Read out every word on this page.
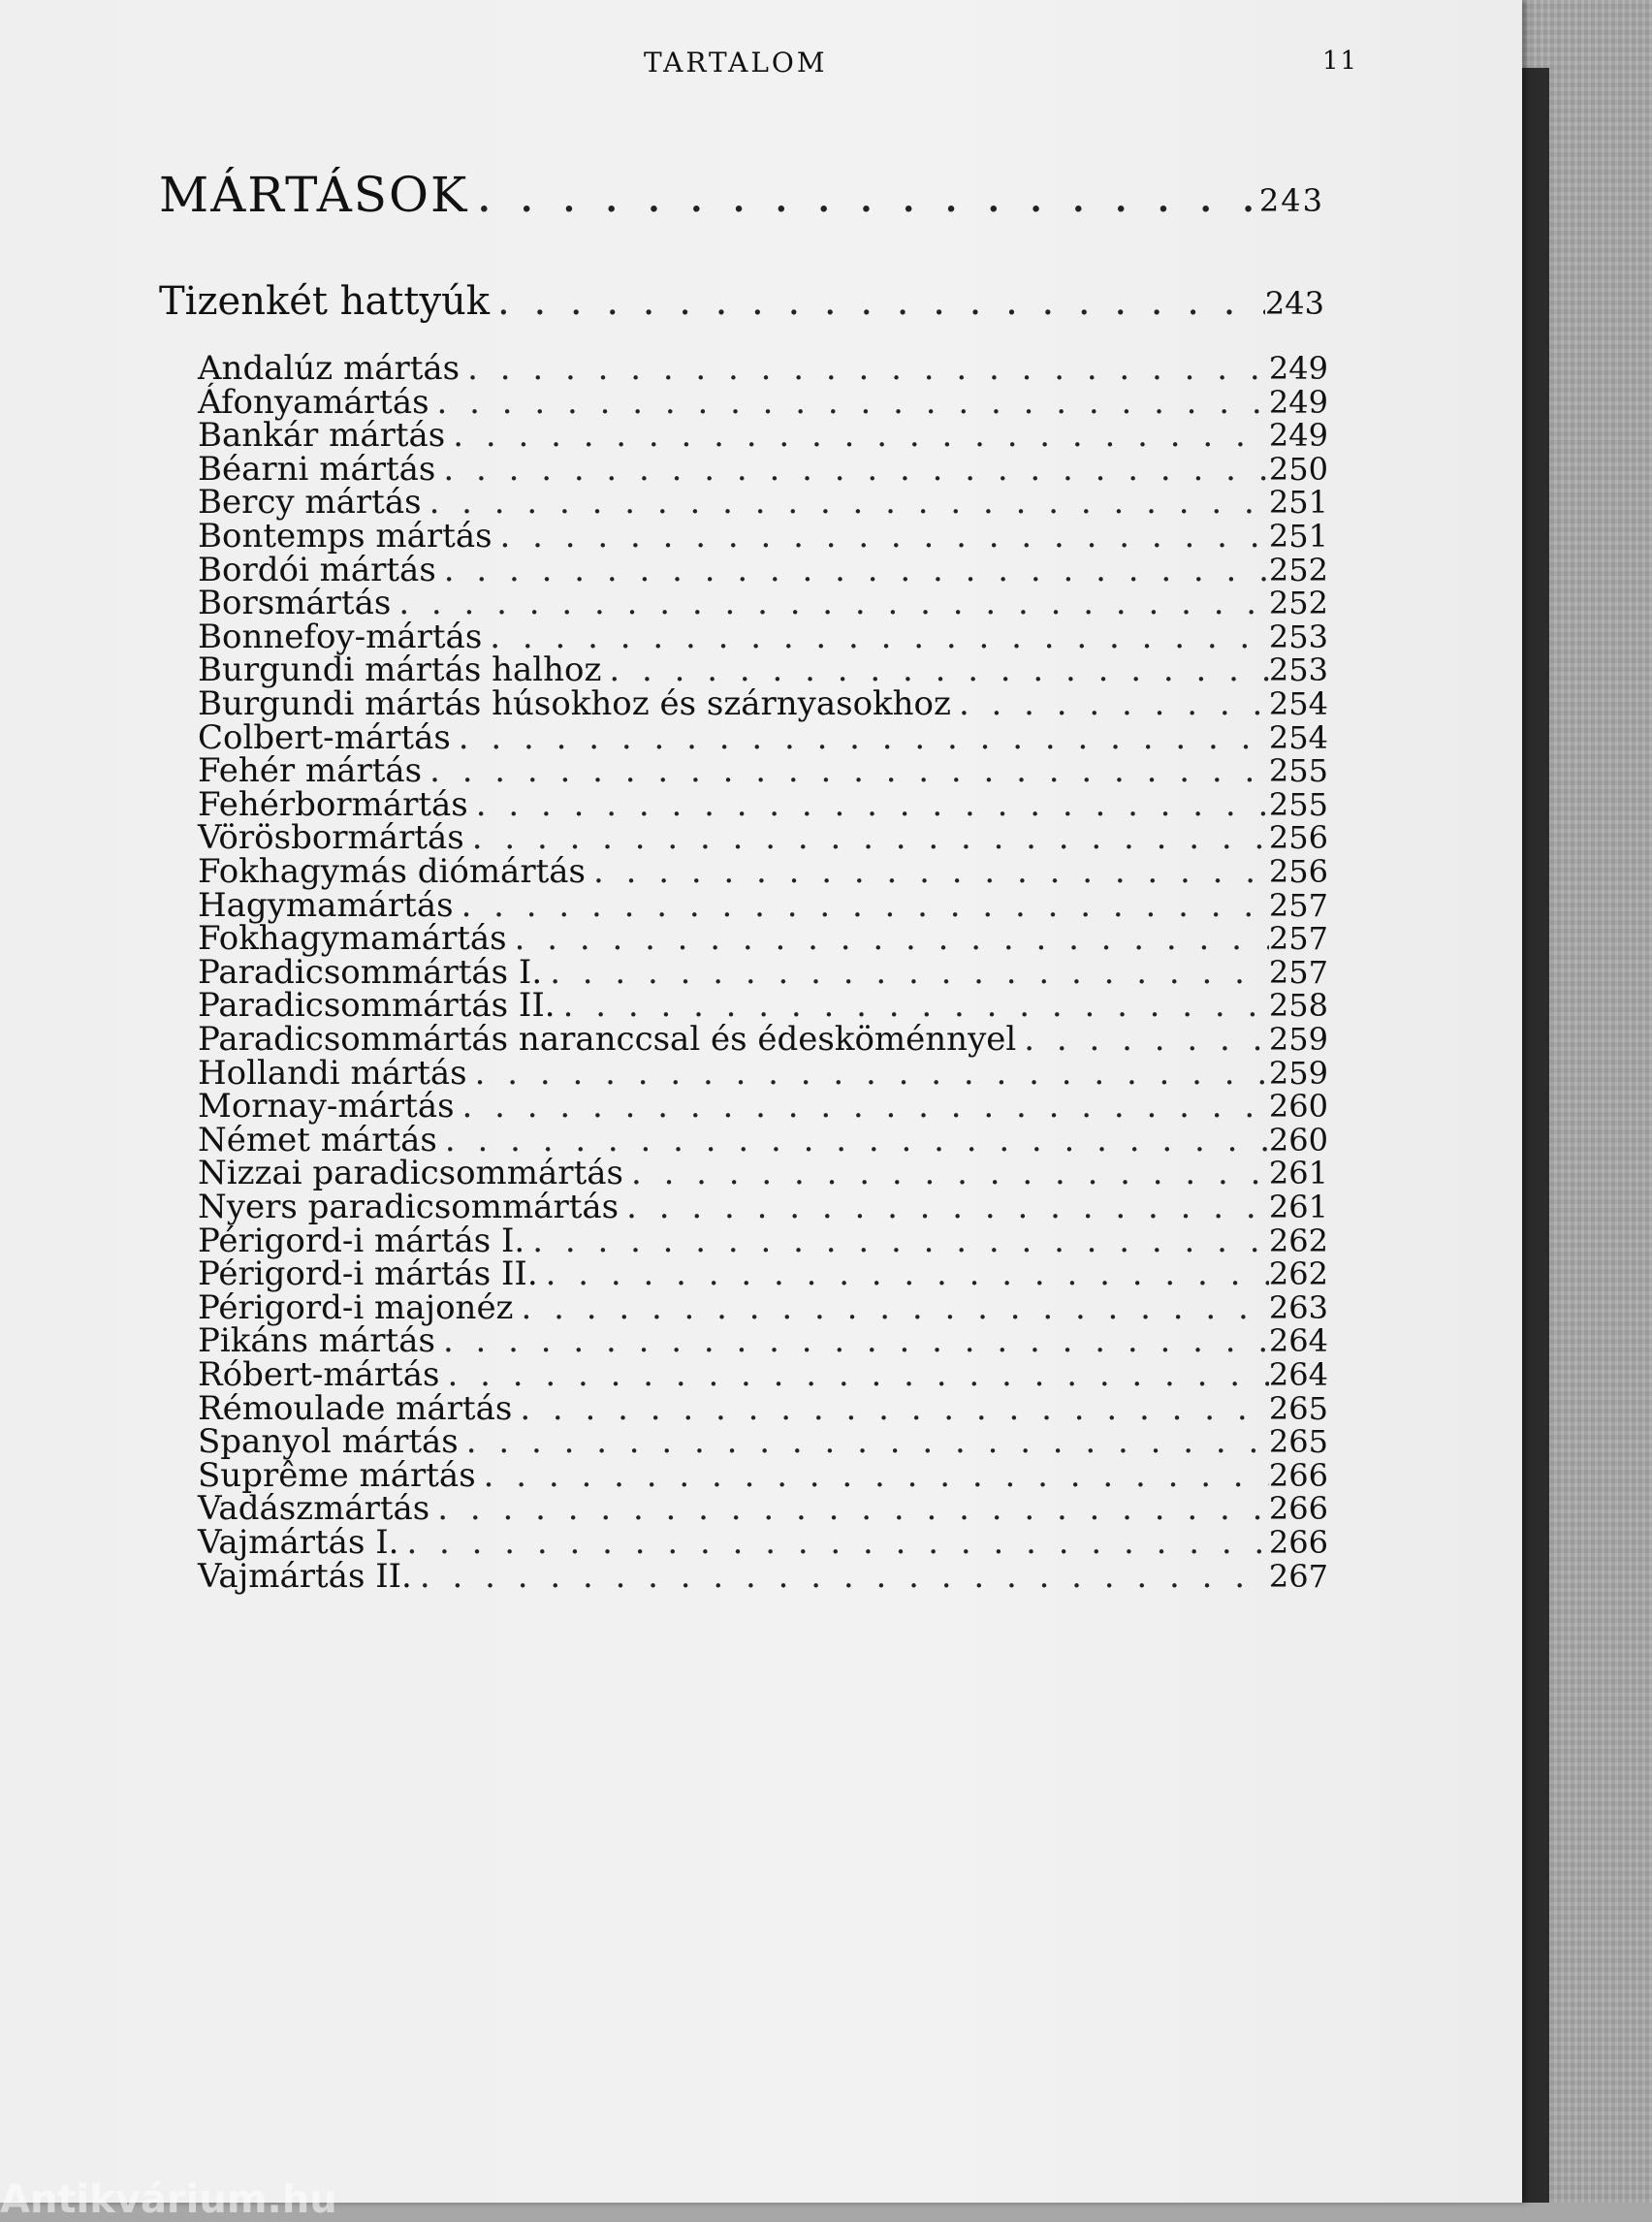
TARTALOM	11
MÁRTÁSOK . . .	243
Tizenkét hattyúk . . .	243
Andalúz mártás . . .	249
Áfonyamártás . . .	249
Bankár mártás . . .	249
Béarni mártás . . .	250
Bercy mártás . . .	251
Bontemps mártás . . .	251
Bordói mártás . . .	252
Borsmártás . . .	252
Bonnefoy-mártás . . .	253
Burgundi mártás halhoz . . .	253
Burgundi mártás húsokhoz és szárnyasokhoz . . .	254
Colbert-mártás . . .	254
Fehér mártás . . .	255
Fehérbormártás . . .	255
Vörösbormártás . . .	256
Fokhagymás diómártás . . .	256
Hagymamártás . . .	257
Fokhagymamártás . . .	257
Paradicsommártás I. . . .	257
Paradicsommártás II. . . .	258
Paradicsommártás naranccsal és édesköménnyel . . .	259
Hollandi mártás . . .	259
Mornay-mártás . . .	260
Német mártás . . .	260
Nizzai paradicsommártás . . .	261
Nyers paradicsommártás . . .	261
Périgord-i mártás I. . . .	262
Périgord-i mártás II. . . .	262
Périgord-i majonéz . . .	263
Pikáns mártás . . .	264
Róbert-mártás . . .	264
Rémoulade mártás . . .	265
Spanyol mártás . . .	265
Suprême mártás . . .	266
Vadászmártás . . .	266
Vajmártás I. . . .	266
Vajmártás II. . . .	267
Antikvárium.hu
